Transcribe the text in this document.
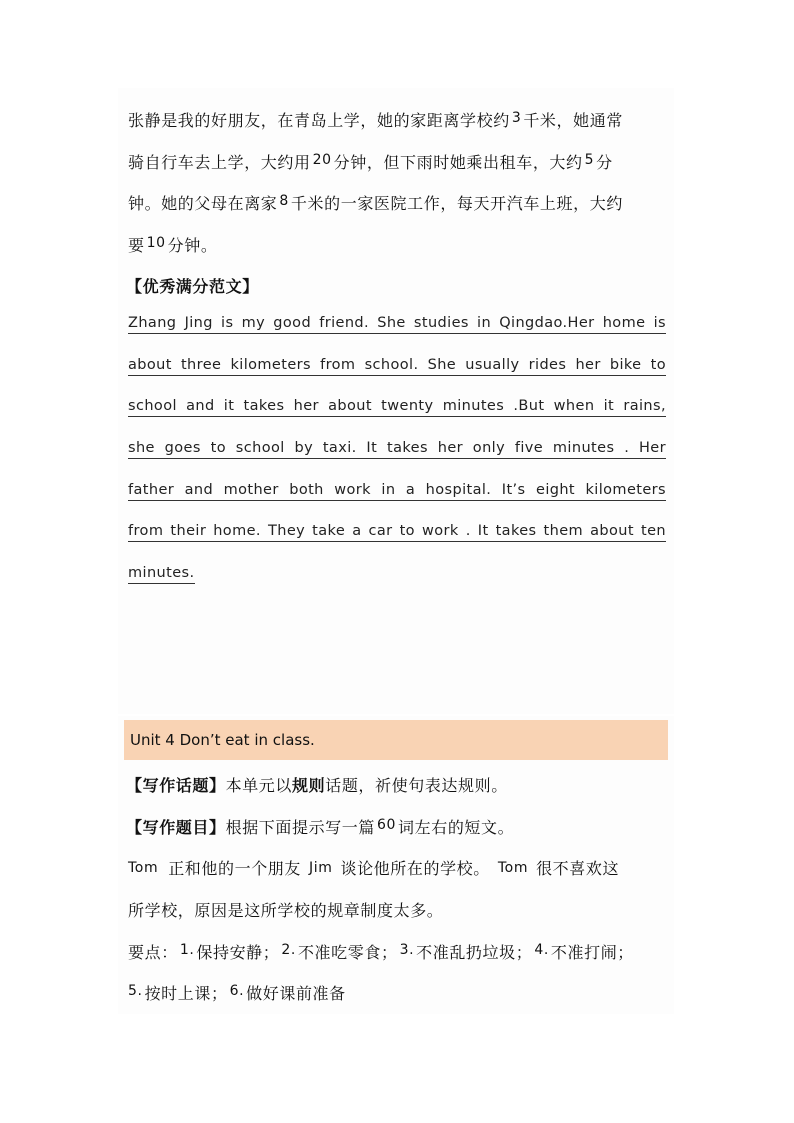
张静是我的好朋友，在青岛上学，她的家距离学校约 3 千米，她通常
骑自行车去上学，大约用 20 分钟，但下雨时她乘出租车，大约 5 分
钟。她的父母在离家 8 千米的一家医院工作，每天开汽车上班，大约
要 10 分钟。
【优秀满分范文】
Zhang Jing is my good friend. She studies in Qingdao.Her home is
about three kilometers from school. She usually rides her bike to
school and it takes her about twenty minutes .But when it rains,
she goes to school by taxi. It takes her only five minutes . Her
father and mother both work in a hospital. It’s eight kilometers
from their home. They take a car to work . It takes them about ten
minutes.
Unit 4 Don’t eat in class.
【写作话题】本单元以规则话题，祈使句表达规则。
【写作题目】根据下面提示写一篇 60 词左右的短文。
Tom 正和他的一个朋友 Jim 谈论他所在的学校。 Tom 很不喜欢这
所学校，原因是这所学校的规章制度太多。
要点： 1. 保持安静； 2. 不准吃零食； 3. 不准乱扔垃圾； 4. 不准打闹；
5. 按时上课； 6. 做好课前准备
